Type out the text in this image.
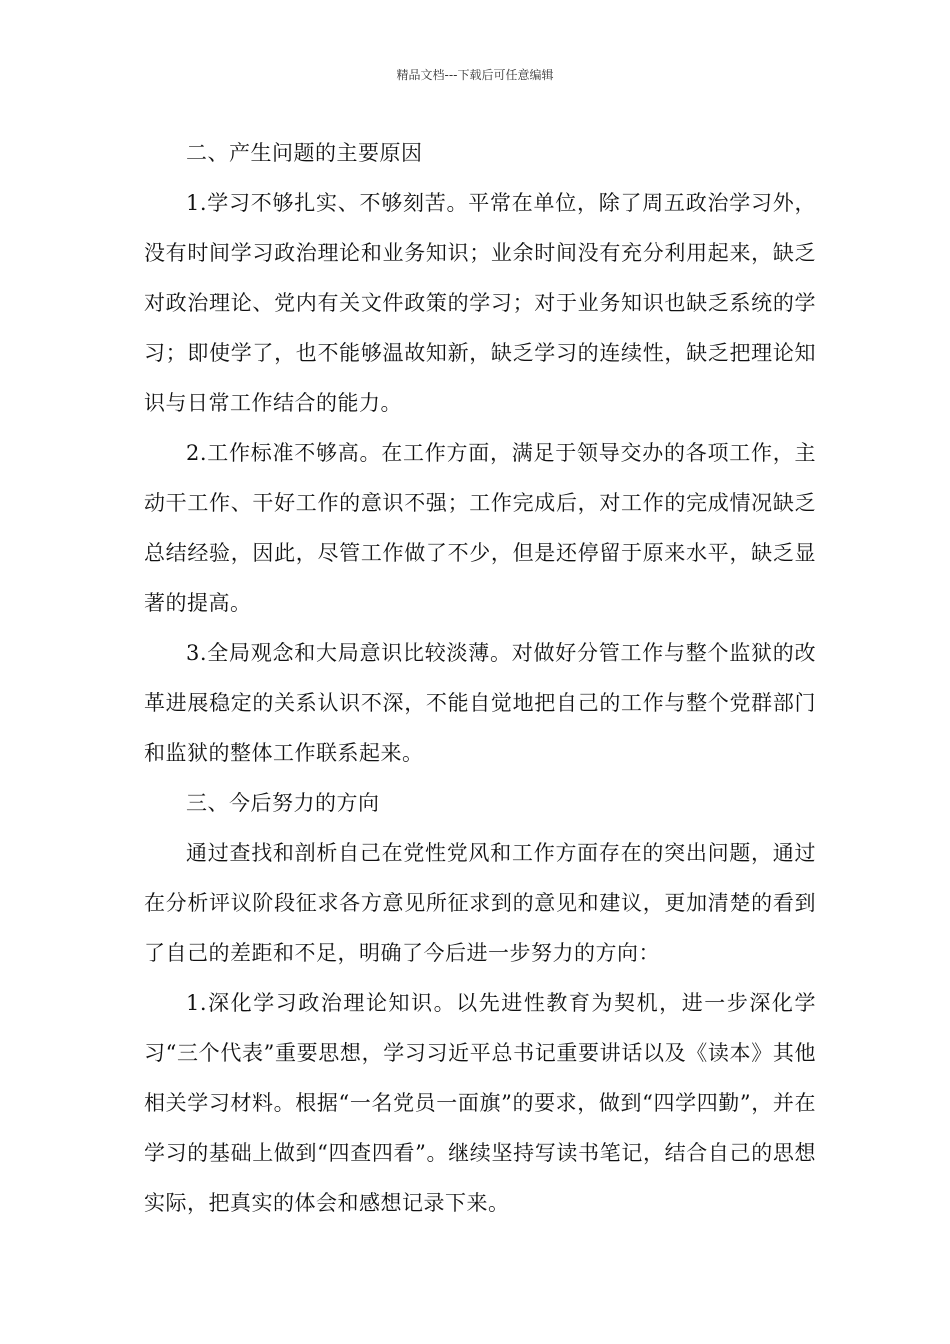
精品文档---下载后可任意编辑

二、产生问题的主要原因

1.学习不够扎实、不够刻苦。平常在单位，除了周五政治学习外，没有时间学习政治理论和业务知识；业余时间没有充分利用起来，缺乏对政治理论、党内有关文件政策的学习；对于业务知识也缺乏系统的学习；即使学了，也不能够温故知新，缺乏学习的连续性，缺乏把理论知识与日常工作结合的能力。

2.工作标准不够高。在工作方面，满足于领导交办的各项工作，主动干工作、干好工作的意识不强；工作完成后，对工作的完成情况缺乏总结经验，因此，尽管工作做了不少，但是还停留于原来水平，缺乏显著的提高。

3.全局观念和大局意识比较淡薄。对做好分管工作与整个监狱的改革进展稳定的关系认识不深，不能自觉地把自己的工作与整个党群部门和监狱的整体工作联系起来。

三、今后努力的方向

通过查找和剖析自己在党性党风和工作方面存在的突出问题，通过在分析评议阶段征求各方意见所征求到的意见和建议，更加清楚的看到了自己的差距和不足，明确了今后进一步努力的方向：

1.深化学习政治理论知识。以先进性教育为契机，进一步深化学习“三个代表”重要思想，学习习近平总书记重要讲话以及《读本》其他相关学习材料。根据“一名党员一面旗”的要求，做到“四学四勤”，并在学习的基础上做到“四查四看”。继续坚持写读书笔记，结合自己的思想实际，把真实的体会和感想记录下来。
